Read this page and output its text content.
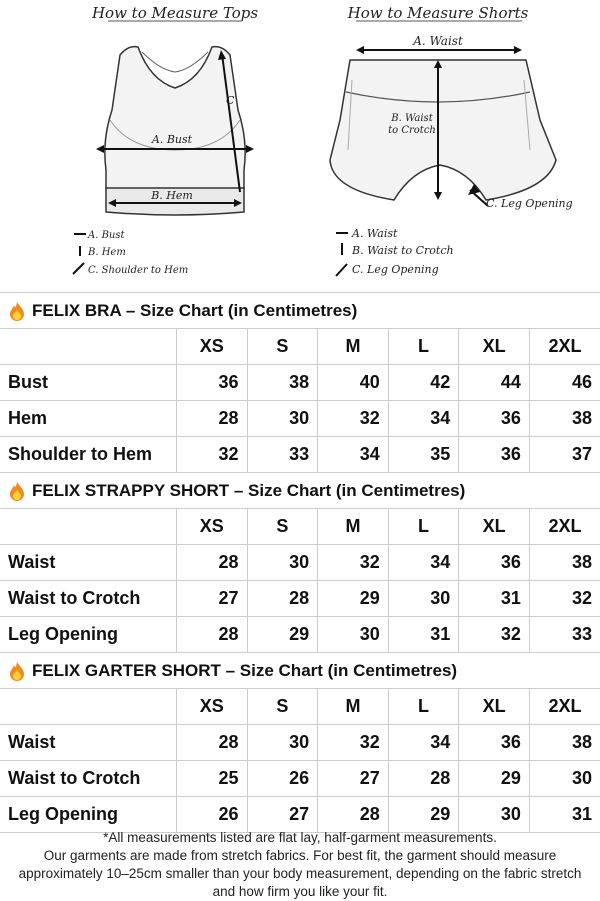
How to Measure Tops
A. Bust
B. Hem
C
A. Bust
B. Hem
C. Shoulder to Hem
How to Measure Shorts
A. Waist
B. Waist
to Crotch
C. Leg Opening
A. Waist
B. Waist to Crotch
C. Leg Opening
FELIX BRA – Size Chart (in Centimetres)
	XS	S	M	L	XL	2XL
Bust	36	38	40	42	44	46
Hem	28	30	32	34	36	38
Shoulder to Hem	32	33	34	35	36	37
FELIX STRAPPY SHORT – Size Chart (in Centimetres)
	XS	S	M	L	XL	2XL
Waist	28	30	32	34	36	38
Waist to Crotch	27	28	29	30	31	32
Leg Opening	28	29	30	31	32	33
FELIX GARTER SHORT – Size Chart (in Centimetres)
	XS	S	M	L	XL	2XL
Waist	28	30	32	34	36	38
Waist to Crotch	25	26	27	28	29	30
Leg Opening	26	27	28	29	30	31

*All measurements listed are flat lay, half-garment measurements.

Our garments are made from stretch fabrics. For best fit, the garment should measure approximately 10–25cm smaller than your body measurement, depending on the fabric stretch and how firm you like your fit.
